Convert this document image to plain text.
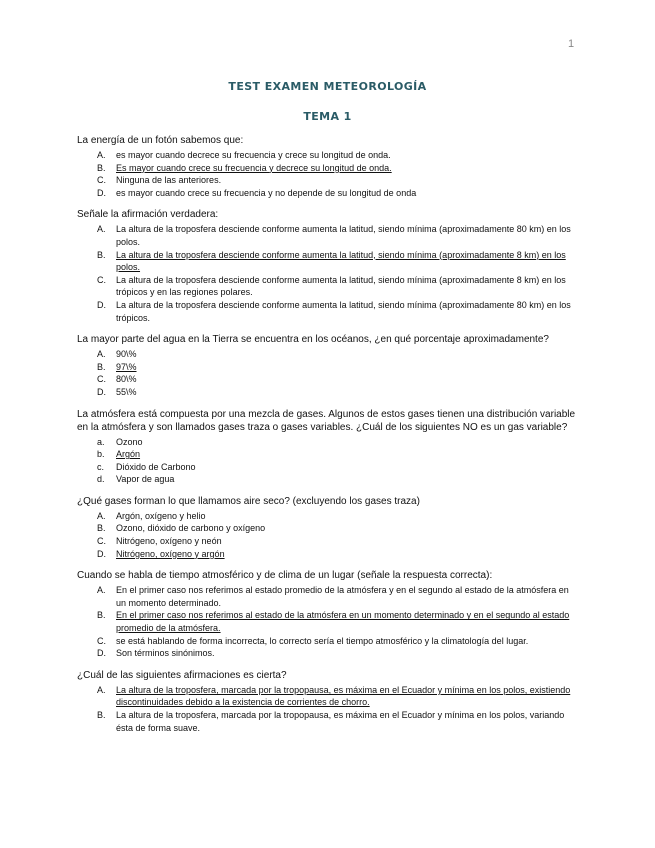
1
TEST EXAMEN METEOROLOGÍA
TEMA 1

La energía de un fotón sabemos que:

A.	es mayor cuando decrece su frecuencia y crece su longitud de onda.
B.	Es mayor cuando crece su frecuencia y decrece su longitud de onda.
C.	Ninguna de las anteriores.
D.	es mayor cuando crece su frecuencia y no depende de su longitud de onda

Señale la afirmación verdadera:

A.	La altura de la troposfera desciende conforme aumenta la latitud, siendo mínima (aproximadamente 80 km) en los polos.
B.	La altura de la troposfera desciende conforme aumenta la latitud, siendo mínima (aproximadamente 8 km) en los polos.
C.	La altura de la troposfera desciende conforme aumenta la latitud, siendo mínima (aproximadamente 8 km) en los trópicos y en las regiones polares.
D.	La altura de la troposfera desciende conforme aumenta la latitud, siendo mínima (aproximadamente 80 km) en los trópicos.

La mayor parte del agua en la Tierra se encuentra en los océanos, ¿en qué porcentaje aproximadamente?

A.	90\%
B.	97\%
C.	80\%
D.	55\%

La atmósfera está compuesta por una mezcla de gases. Algunos de estos gases tienen una distribución variable en la atmósfera y son llamados gases traza o gases variables. ¿Cuál de los siguientes NO es un gas variable?

a.	Ozono
b.	Argón
c.	Dióxido de Carbono
d.	Vapor de agua

¿Qué gases forman lo que llamamos aire seco? (excluyendo los gases traza)

A.	Argón, oxígeno y helio
B.	Ozono, dióxido de carbono y oxígeno
C.	Nitrógeno, oxígeno y neón
D.	Nitrógeno, oxígeno y argón

Cuando se habla de tiempo atmosférico y de clima de un lugar (señale la respuesta correcta):

A.	En el primer caso nos referimos al estado promedio de la atmósfera y en el segundo al estado de la atmósfera en un momento determinado.
B.	En el primer caso nos referimos al estado de la atmósfera en un momento determinado y en el segundo al estado promedio de la atmósfera.
C.	se está hablando de forma incorrecta, lo correcto sería el tiempo atmosférico y la climatología del lugar.
D.	Son términos sinónimos.

¿Cuál de las siguientes afirmaciones es cierta?

A.	La altura de la troposfera, marcada por la tropopausa, es máxima en el Ecuador y mínima en los polos, existiendo discontinuidades debido a la existencia de corrientes de chorro.
B.	La altura de la troposfera, marcada por la tropopausa, es máxima en el Ecuador y mínima en los polos, variando ésta de forma suave.
